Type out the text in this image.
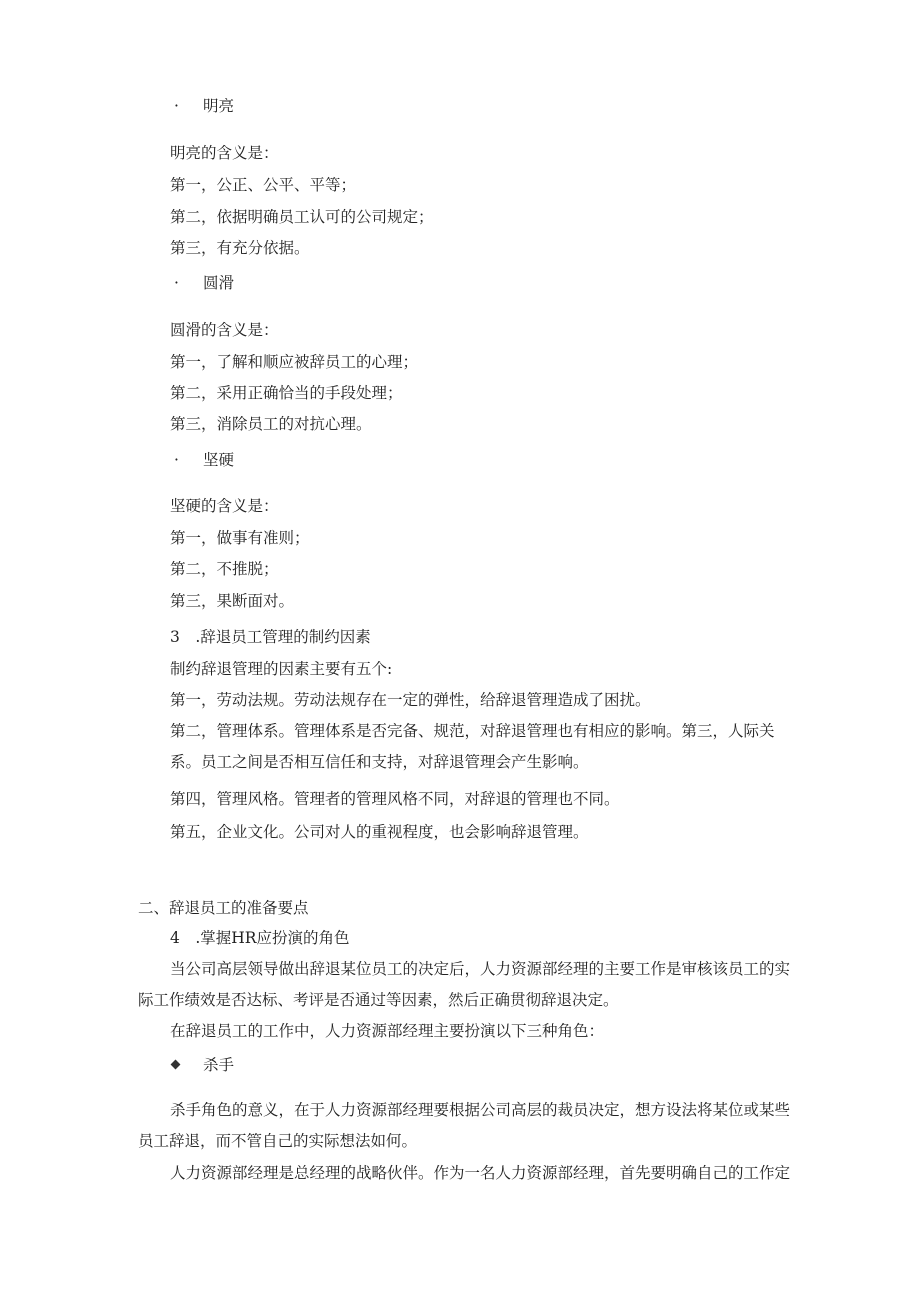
· 明亮
明亮的含义是：
第一，公正、公平、平等；
第二，依据明确员工认可的公司规定；
第三，有充分依据。
· 圆滑
圆滑的含义是：
第一，了解和顺应被辞员工的心理；
第二，采用正确恰当的手段处理；
第三，消除员工的对抗心理。
· 坚硬
坚硬的含义是：
第一，做事有准则；
第二，不推脱；
第三，果断面对。
3　.辞退员工管理的制约因素
制约辞退管理的因素主要有五个:
第一，劳动法规。劳动法规存在一定的弹性，给辞退管理造成了困扰。
第二，管理体系。管理体系是否完备、规范，对辞退管理也有相应的影响。第三，人际关
系。员工之间是否相互信任和支持，对辞退管理会产生影响。
第四，管理风格。管理者的管理风格不同，对辞退的管理也不同。
第五，企业文化。公司对人的重视程度，也会影响辞退管理。
二、辞退员工的准备要点
4　.掌握HR应扮演的角色
当公司高层领导做出辞退某位员工的决定后，人力资源部经理的主要工作是审核该员工的实
际工作绩效是否达标、考评是否通过等因素，然后正确贯彻辞退决定。
在辞退员工的工作中，人力资源部经理主要扮演以下三种角色：
杀手
杀手角色的意义，在于人力资源部经理要根据公司高层的裁员决定，想方设法将某位或某些
员工辞退，而不管自己的实际想法如何。
人力资源部经理是总经理的战略伙伴。作为一名人力资源部经理，首先要明确自己的工作定
